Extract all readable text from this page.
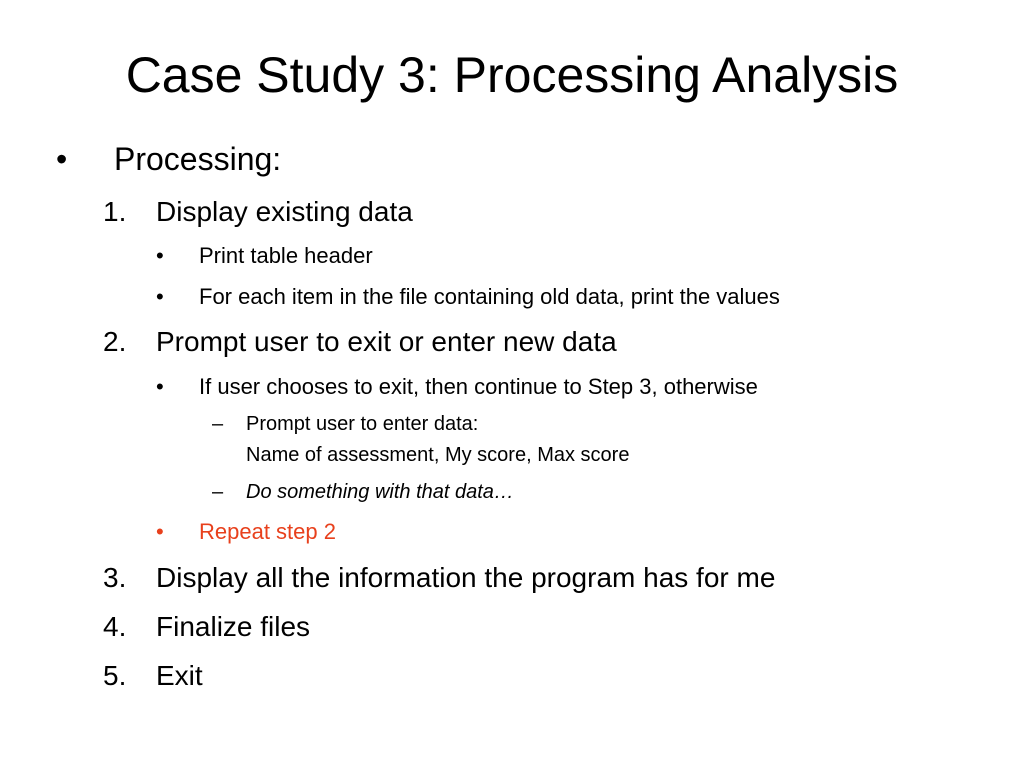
Case Study 3: Processing Analysis
• Processing:
1. Display existing data
• Print table header
• For each item in the file containing old data, print the values
2. Prompt user to exit or enter new data
• If user chooses to exit, then continue to Step 3, otherwise
– Prompt user to enter data:
Name of assessment, My score, Max score
– Do something with that data…
• Repeat step 2
3. Display all the information the program has for me
4. Finalize files
5. Exit
